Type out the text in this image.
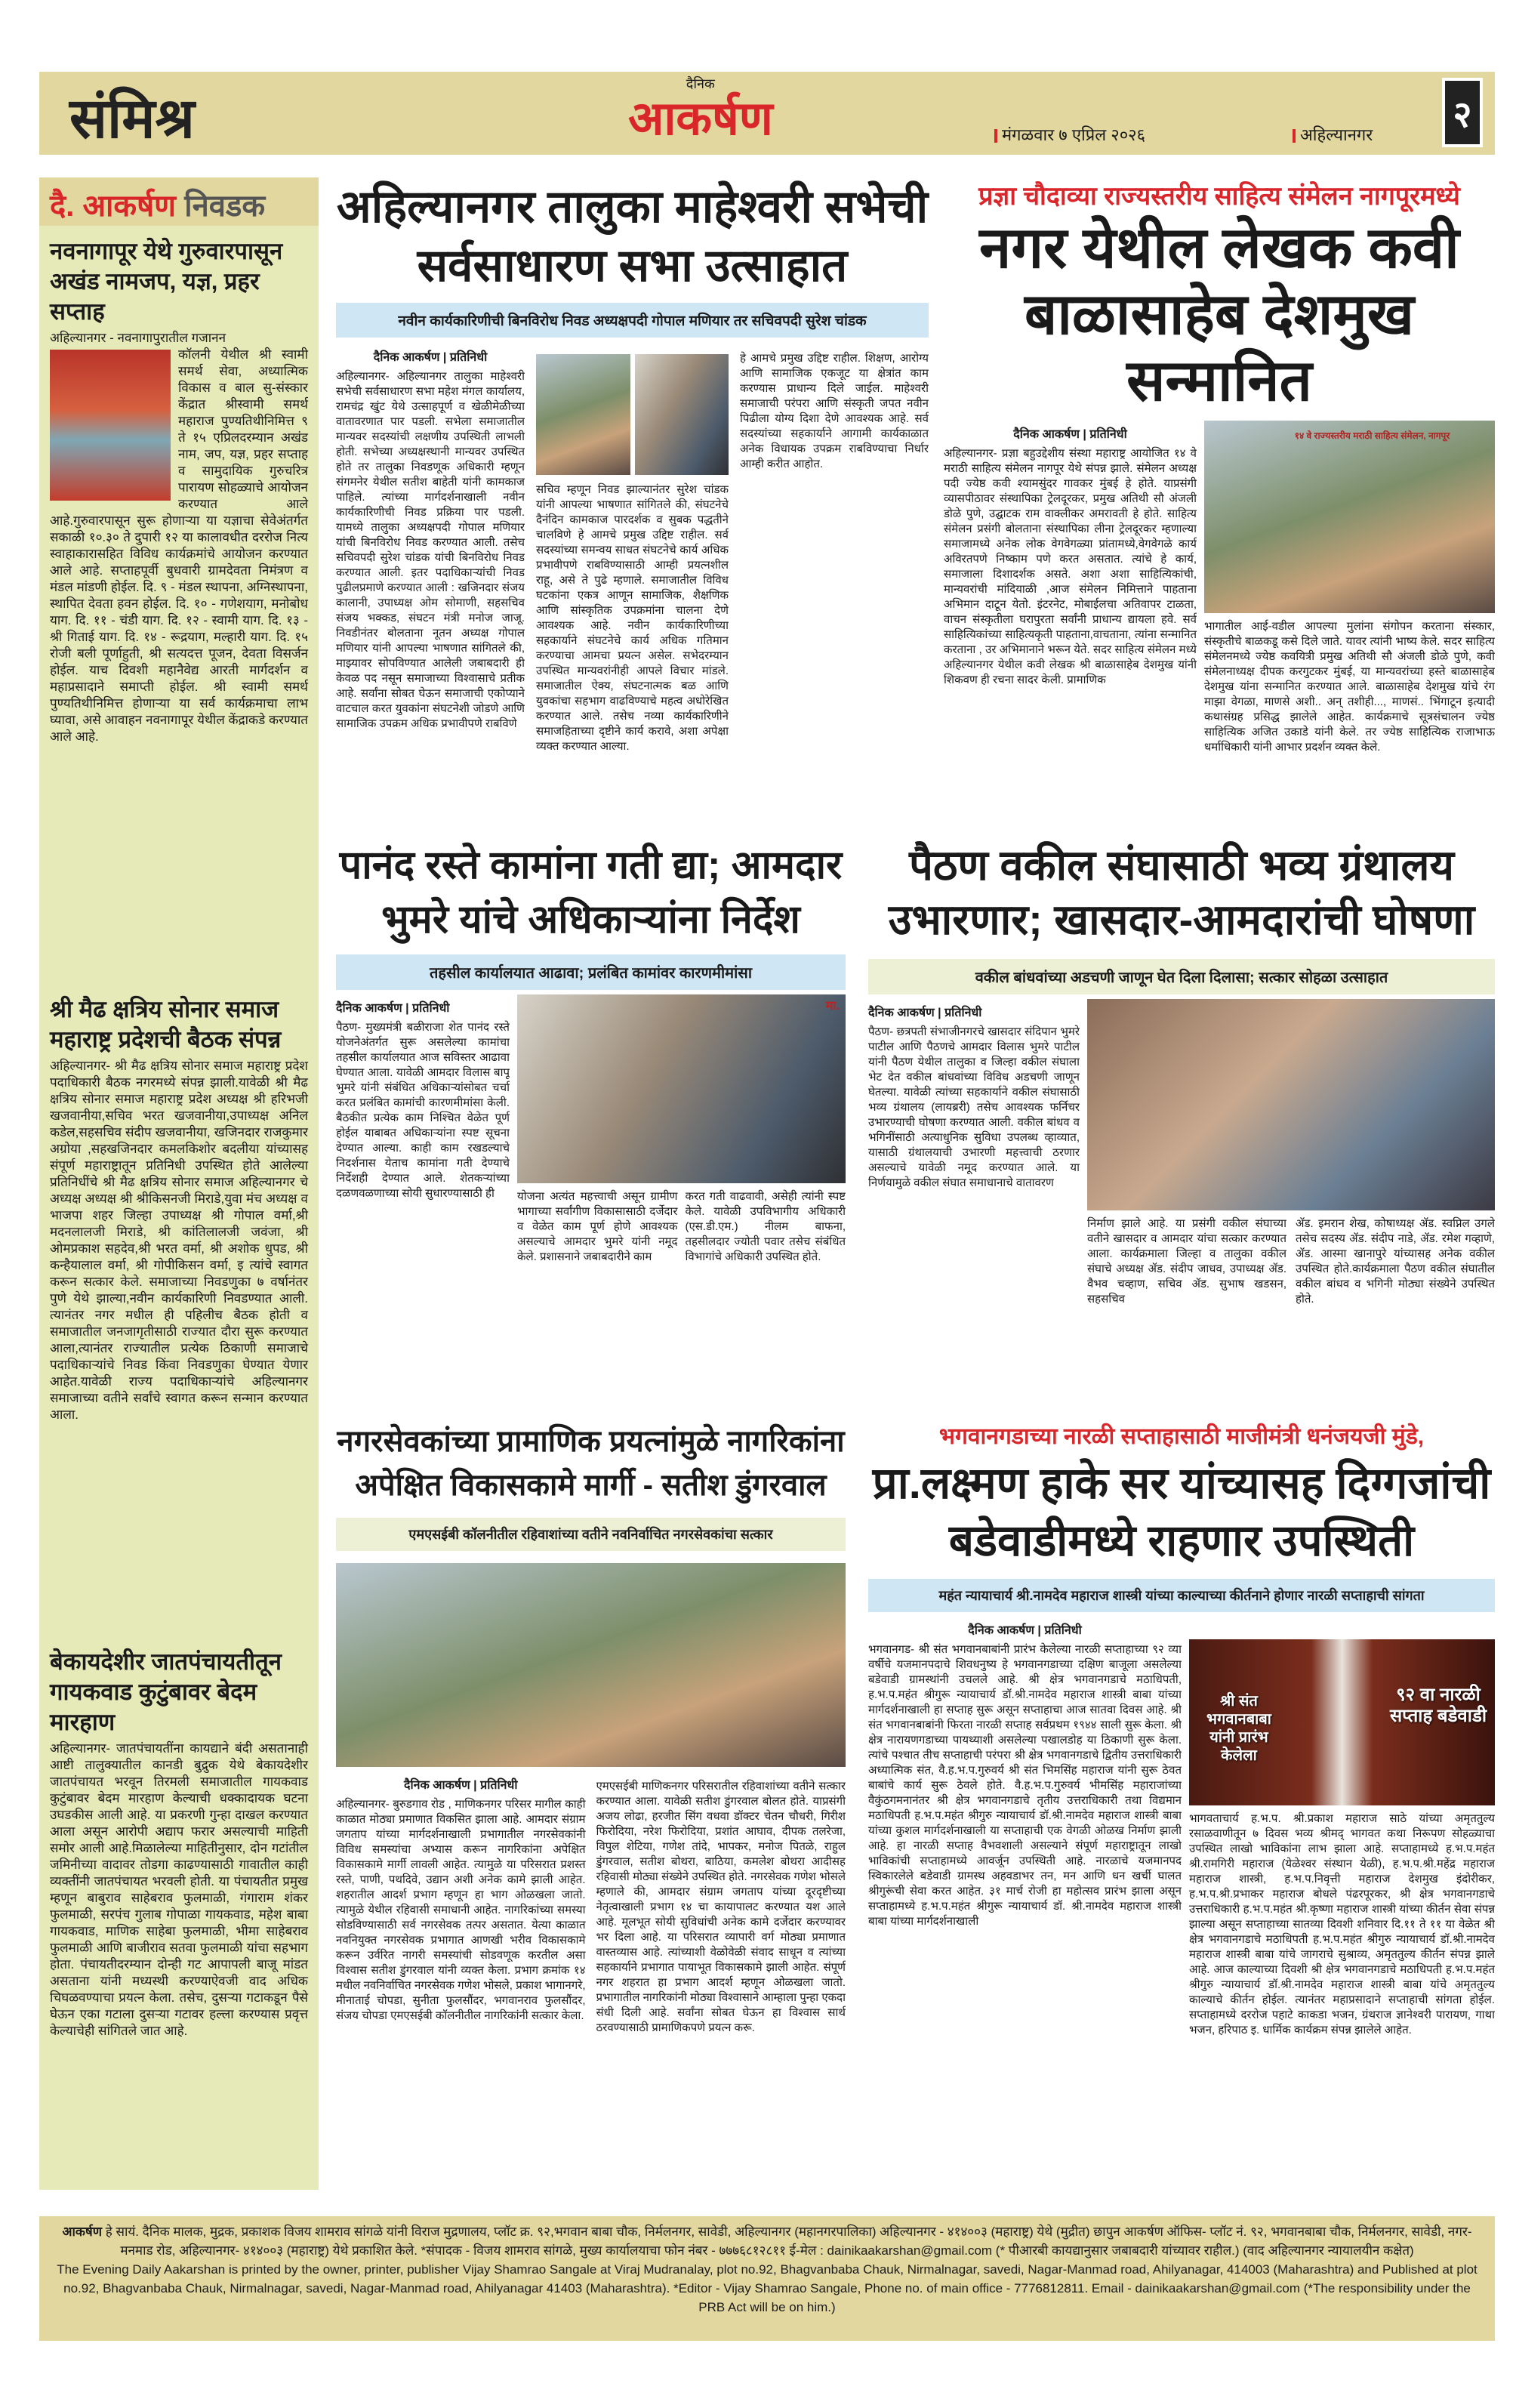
संमिश्र
दैनिक
आकर्षण	मंगळवार ७ एप्रिल २०२६	अहिल्यानगर	२
दै. आकर्षण निवडक
नवनागापूर येथे गुरुवारपासून अखंड नामजप, यज्ञ, प्रहर सप्ताह
अहिल्यानगर - नवनागापुरातील गजानन
कॉलनी येथील श्री स्वामी समर्थ सेवा, अध्यात्मिक विकास व बाल सु-संस्कार केंद्रात श्रीस्वामी समर्थ महाराज पुण्यतिथीनिमित्त ९ ते १५ एप्रिलदरम्यान अखंड नाम, जप, यज्ञ, प्रहर सप्ताह व सामुदायिक गुरुचरित्र पारायण सोहळ्याचे आयोजन करण्यात आले आहे.गुरुवारपासून सुरू होणाऱ्या या यज्ञाचा सेवेअंतर्गत सकाळी १०.३० ते दुपारी १२ या कालावधीत दररोज नित्य स्वाहाकारासहित विविध कार्यक्रमांचे आयोजन करण्यात आले आहे. सप्ताहपूर्वी बुधवारी ग्रामदेवता निमंत्रण व मंडल मांडणी होईल. दि. ९ - मंडल स्थापना, अग्निस्थापना, स्थापित देवता हवन होईल. दि. १० - गणेशयाग, मनोबोध याग. दि. ११ - चंडी याग. दि. १२ - स्वामी याग. दि. १३ - श्री गिताई याग. दि. १४ - रूद्रयाग, मल्हारी याग. दि. १५ रोजी बली पूर्णाहुती, श्री सत्यदत्त पूजन, देवता विसर्जन होईल. याच दिवशी महानैवेद्य आरती मार्गदर्शन व महाप्रसादाने समाप्ती होईल. श्री स्वामी समर्थ पुण्यतिथीनिमित्त होणार्‍या या सर्व कार्यक्रमाचा लाभ घ्यावा, असे आवाहन नवनागापूर येथील केंद्राकडे करण्यात आले आहे.
श्री मैढ क्षत्रिय सोनार समाज महाराष्ट्र प्रदेशची बैठक संपन्न
अहिल्यानगर- श्री मैढ क्षत्रिय सोनार समाज महाराष्ट्र प्रदेश पदाधिकारी बैठक नगरमध्ये संपन्न झाली.यावेळी श्री मैढ क्षत्रिय सोनार समाज महाराष्ट्र प्रदेश अध्यक्ष श्री हरिभजी खजवानीया,सचिव भरत खजवानीया,उपाध्यक्ष अनिल कडेल,सहसचिव संदीप खजवानीया, खजिनदार राजकुमार अग्रोया ,सहखजिनदार कमलकिशोर बदलीया यांच्यासह संपूर्ण महाराष्ट्रातून प्रतिनिधी उपस्थित होते आलेल्या प्रतिनिधींचे श्री मैढ क्षत्रिय सोनार समाज अहिल्यानगर चे अध्यक्ष अध्यक्ष श्री श्रीकिसनजी मिराडे,युवा मंच अध्यक्ष व भाजपा शहर जिल्हा उपाध्यक्ष श्री गोपाल वर्मा,श्री मदनलालजी मिराडे, श्री कांतिलालजी जवंजा, श्री ओमप्रकाश सहदेव,श्री भरत वर्मा, श्री अशोक धुपड, श्री कन्हैयालाल वर्मा, श्री गोपीकिसन वर्मा, इ त्यांचे स्वागत करून सत्कार केले. समाजाच्या निवडणुका ७ वर्षानंतर पुणे येथे झाल्या,नवीन कार्यकारिणी निवडण्यात आली. त्यानंतर नगर मधील ही पहिलीच बैठक होती व समाजातील जनजागृतीसाठी राज्यात दौरा सुरू करण्यात आला,त्यानंतर राज्यातील प्रत्येक ठिकाणी समाजाचे पदाधिकाऱ्यांचे निवड किंवा निवडणुका घेण्यात येणार आहेत.यावेळी राज्य पदाधिकाऱ्यांचे अहिल्यानगर समाजाच्या वतीने सर्वांचे स्वागत करून सन्मान करण्यात आला.
बेकायदेशीर जातपंचायतीतून गायकवाड कुटुंबावर बेदम मारहाण
अहिल्यानगर- जातपंचायतींना कायद्याने बंदी असतानाही आष्टी तालुक्यातील कानडी बुद्रुक येथे बेकायदेशीर जातपंचायत भरवून तिरमली समाजातील गायकवाड कुटुंबावर बेदम मारहाण केल्याची धक्कादायक घटना उघडकीस आली आहे. या प्रकरणी गुन्हा दाखल करण्यात आला असून आरोपी अद्याप फरार असल्याची माहिती समोर आली आहे.मिळालेल्या माहितीनुसार, दोन गटांतील जमिनीच्या वादावर तोडगा काढण्यासाठी गावातील काही व्यक्तींनी जातपंचायत भरवली होती. या पंचायतीत प्रमुख म्हणून बाबुराव साहेबराव फुलमाळी, गंगाराम शंकर फुलमाळी, सरपंच गुलाब गोपाळा गायकवाड, महेश बाबा गायकवाड, माणिक साहेबा फुलमाळी, भीमा साहेबराव फुलमाळी आणि बाजीराव सतवा फुलमाळी यांचा सहभाग होता. पंचायतीदरम्यान दोन्ही गट आपापली बाजू मांडत असताना यांनी मध्यस्थी करण्याऐवजी वाद अधिक चिघळवण्याचा प्रयत्न केला. तसेच, दुसऱ्या गटाकडून पैसे घेऊन एका गटाला दुसऱ्या गटावर हल्ला करण्यास प्रवृत्त केल्याचेही सांगितले जात आहे.
अहिल्यानगर तालुका माहेश्वरी सभेची सर्वसाधारण सभा उत्साहात
नवीन कार्यकारिणीची बिनविरोध निवड अध्यक्षपदी गोपाल मणियार तर सचिवपदी सुरेश चांडक
दैनिक आकर्षण | प्रतिनिधी
अहिल्यानगर- अहिल्यानगर तालुका माहेश्वरी सभेची सर्वसाधारण सभा महेश मंगल कार्यालय, रामचंद्र खुंट येथे उत्साहपूर्ण व खेळीमेळीच्या वातावरणात पार पडली. सभेला समाजातील मान्यवर सदस्यांची लक्षणीय उपस्थिती लाभली होती. सभेच्या अध्यक्षस्थानी मान्यवर उपस्थित होते तर तालुका निवडणूक अधिकारी म्हणून संगमनेर येथील सतीश बाहेती यांनी कामकाज पाहिले. त्यांच्या मार्गदर्शनाखाली नवीन कार्यकारिणीची निवड प्रक्रिया पार पडली. यामध्ये तालुका अध्यक्षपदी गोपाल मणियार यांची बिनविरोध निवड करण्यात आली. तसेच सचिवपदी सुरेश चांडक यांची बिनविरोध निवड करण्यात आली. इतर पदाधिकाऱ्यांची निवड पुढीलप्रमाणे करण्यात आली : खजिनदार संजय कालानी, उपाध्यक्ष ओम सोमाणी, सहसचिव संजय भक्कड, संघटन मंत्री मनोज जाजू. निवडीनंतर बोलताना नूतन अध्यक्ष गोपाल मणियार यांनी आपल्या भाषणात सांगितले की, माझ्यावर सोपविण्यात आलेली जबाबदारी ही केवळ पद नसून समाजाच्या विश्वासाचे प्रतीक आहे. सर्वांना सोबत घेऊन समाजाची एकोप्याने वाटचाल करत युवकांना संघटनेशी जोडणे आणि सामाजिक उपक्रम अधिक प्रभावीपणे राबविणे
सचिव म्हणून निवड झाल्यानंतर सुरेश चांडक यांनी आपल्या भाषणात सांगितले की, संघटनेचे दैनंदिन कामकाज पारदर्शक व सुबक पद्धतीने चालविणे हे आमचे प्रमुख उद्दिष्ट राहील. सर्व सदस्यांच्या समन्वय साधत संघटनेचे कार्य अधिक प्रभावीपणे राबविण्यासाठी आम्ही प्रयत्नशील राहू, असे ते पुढे म्हणाले. समाजातील विविध घटकांना एकत्र आणून सामाजिक, शैक्षणिक आणि सांस्कृतिक उपक्रमांना चालना देणे आवश्यक आहे. नवीन कार्यकारिणीच्या सहकार्याने संघटनेचे कार्य अधिक गतिमान करण्याचा आमचा प्रयत्न असेल. सभेदरम्यान उपस्थित मान्यवरांनीही आपले विचार मांडले. समाजातील ऐक्य, संघटनात्मक बळ आणि युवकांचा सहभाग वाढविण्याचे महत्व अधोरेखित करण्यात आले. तसेच नव्या कार्यकारिणीने समाजहिताच्या दृष्टीने कार्य करावे, अशा अपेक्षा व्यक्त करण्यात आल्या.
हे आमचे प्रमुख उद्दिष्ट राहील. शिक्षण, आरोग्य आणि सामाजिक एकजूट या क्षेत्रांत काम करण्यास प्राधान्य दिले जाईल. माहेश्वरी समाजाची परंपरा आणि संस्कृती जपत नवीन पिढीला योग्य दिशा देणे आवश्यक आहे. सर्व सदस्यांच्या सहकार्याने आगामी कार्यकाळात अनेक विधायक उपक्रम राबविण्याचा निर्धार आम्ही करीत आहोत.
प्रज्ञा चौदाव्या राज्यस्तरीय साहित्य संमेलन नागपूरमध्ये
नगर येथील लेखक कवी बाळासाहेब देशमुख सन्मानित
दैनिक आकर्षण | प्रतिनिधी
अहिल्यानगर- प्रज्ञा बहुउद्देशीय संस्था महाराष्ट्र आयोजित १४ वे मराठी साहित्य संमेलन नागपूर येथे संपन्न झाले. संमेलन अध्यक्ष पदी ज्येष्ठ कवी श्यामसुंदर गावकर मुंबई हे होते. याप्रसंगी व्यासपीठावर संस्थापिका ट्रेलदूरकर, प्रमुख अतिथी सौ अंजली डोळे पुणे, उद्घाटक राम वाक्लीकर अमरावती हे होते. साहित्य संमेलन प्रसंगी बोलताना संस्थापिका लीना ट्रेलदूरकर म्हणाल्या समाजामध्ये अनेक लोक वेगवेगळ्या प्रांतामध्ये,वेगवेगळे कार्य अविरतपणे निष्काम पणे करत असतात. त्यांचे हे कार्य, समाजाला दिशादर्शक असते. अशा अशा साहित्यिकांची, मान्यवरांची मांदियाळी ,आज संमेलन निमित्ताने पाहताना अभिमान दाटून येतो. इंटरनेट, मोबाईलचा अतिवापर टाळता, वाचन संस्कृतीला घरापुरता सर्वांनी प्राधान्य द्यायला हवे. सर्व साहित्यिकांच्या साहित्यकृती पाहताना,वाचताना, त्यांना सन्मानित करताना , उर अभिमानाने भरून येते. सदर साहित्य संमेलन मध्ये अहिल्यानगर येथील कवी लेखक श्री बाळासाहेब देशमुख यांनी शिकवण ही रचना सादर केली. प्रामाणिक
१४ वे राज्यस्तरीय मराठी साहित्य संमेलन, नागपूर
भागातील आई-वडील आपल्या मुलांना संगोपन करताना संस्कार, संस्कृतीचे बाळकडू कसे दिले जाते. यावर त्यांनी भाष्य केले. सदर साहित्य संमेलनमध्ये ज्येष्ठ कवयित्री प्रमुख अतिथी सौ अंजली डोळे पुणे, कवी संमेलनाध्यक्ष दीपक करगुटकर मुंबई, या मान्यवरांच्या हस्ते बाळासाहेब देशमुख यांना सन्मानित करण्यात आले. बाळासाहेब देशमुख यांचे रंग माझा वेगळा, माणसे अशी.. अन् तशीही..., माणसं.. भिंगाटून इत्यादी कथासंग्रह प्रसिद्ध झालेले आहेत. कार्यक्रमाचे सूत्रसंचालन ज्येष्ठ साहित्यिक अजित उकाडे यांनी केले. तर ज्येष्ठ साहित्यिक राजाभाऊ धर्माधिकारी यांनी आभार प्रदर्शन व्यक्त केले.
पानंद रस्ते कामांना गती द्या; आमदार भुमरे यांचे अधिकाऱ्यांना निर्देश
तहसील कार्यालयात आढावा; प्रलंबित कामांवर कारणमीमांसा
दैनिक आकर्षण | प्रतिनिधी
पैठण- मुख्यमंत्री बळीराजा शेत पानंद रस्ते योजनेअंतर्गत सुरू असलेल्या कामांचा तहसील कार्यालयात आज सविस्तर आढावा घेण्यात आला. यावेळी आमदार विलास बापू भुमरे यांनी संबंधित अधिकाऱ्यांसोबत चर्चा करत प्रलंबित कामांची कारणमीमांसा केली. बैठकीत प्रत्येक काम निश्चित वेळेत पूर्ण होईल याबाबत अधिकाऱ्यांना स्पष्ट सूचना देण्यात आल्या. काही काम रखडल्याचे निदर्शनास येताच कामांना गती देण्याचे निर्देशही देण्यात आले. शेतकऱ्यांच्या दळणवळणाच्या सोयी सुधारण्यासाठी ही
मा.
योजना अत्यंत महत्त्वाची असून ग्रामीण भागाच्या सर्वांगीण विकासासाठी दर्जेदार व वेळेत काम पूर्ण होणे आवश्यक असल्याचे आमदार भुमरे यांनी नमूद केले. प्रशासनाने जबाबदारीने काम
करत गती वाढवावी, असेही त्यांनी स्पष्ट केले. यावेळी उपविभागीय अधिकारी (एस.डी.एम.) नीलम बाफना, तहसीलदार ज्योती पवार तसेच संबंधित विभागांचे अधिकारी उपस्थित होते.
पैठण वकील संघासाठी भव्य ग्रंथालय उभारणार; खासदार-आमदारांची घोषणा
वकील बांधवांच्या अडचणी जाणून घेत दिला दिलासा; सत्कार सोहळा उत्साहात
दैनिक आकर्षण | प्रतिनिधी
पैठण- छत्रपती संभाजीनगरचे खासदार संदिपान भुमरे पाटील आणि पैठणचे आमदार विलास भुमरे पाटील यांनी पैठण येथील तालुका व जिल्हा वकील संघाला भेट देत वकील बांधवांच्या विविध अडचणी जाणून घेतल्या. यावेळी त्यांच्या सहकार्याने वकील संघासाठी भव्य ग्रंथालय (लायब्ररी) तसेच आवश्यक फर्निचर उभारण्याची घोषणा करण्यात आली. वकील बांधव व भगिनींसाठी अत्याधुनिक सुविधा उपलब्ध व्हाव्यात, यासाठी ग्रंथालयाची उभारणी महत्त्वाची ठरणार असल्याचे यावेळी नमूद करण्यात आले. या निर्णयामुळे वकील संघात समाधानाचे वातावरण
निर्माण झाले आहे. या प्रसंगी वकील संघाच्या वतीने खासदार व आमदार यांचा सत्कार करण्यात आला. कार्यक्रमाला जिल्हा व तालुका वकील संघाचे अध्यक्ष ॲड. संदीप जाधव, उपाध्यक्ष ॲड. वैभव चव्हाण, सचिव ॲड. सुभाष खडसन, सहसचिव
ॲड. इमरान शेख, कोषाध्यक्ष ॲड. स्वप्निल उगले तसेच सदस्य ॲड. संदीप नाडे, ॲड. रमेश गव्हाणे, ॲड. आस्मा खानापुरे यांच्यासह अनेक वकील उपस्थित होते.कार्यक्रमाला पैठण वकील संघातील वकील बांधव व भगिनी मोठ्या संख्येने उपस्थित होते.
नगरसेवकांच्या प्रामाणिक प्रयत्नांमुळे नागरिकांना अपेक्षित विकासकामे मार्गी - सतीश डुंगरवाल
एमएसईबी कॉलनीतील रहिवाशांच्या वतीने नवनिर्वाचित नगरसेवकांचा सत्कार
दैनिक आकर्षण | प्रतिनिधी
अहिल्यानगर- बुरुडगाव रोड , माणिकनगर परिसर मागील काही काळात मोठ्या प्रमाणात विकसित झाला आहे. आमदार संग्राम जगताप यांच्या मार्गदर्शनाखाली प्रभागातील नगरसेवकांनी विविध समस्यांचा अभ्यास करून नागरिकांना अपेक्षित विकासकामे मार्गी लावली आहेत. त्यामुळे या परिसरात प्रशस्त रस्ते, पाणी, पथदिवे, उद्यान अशी अनेक कामे झाली आहेत. शहरातील आदर्श प्रभाग म्हणून हा भाग ओळखला जातो. त्यामुळे येथील रहिवासी समाधानी आहेत. नागरिकांच्या समस्या सोडविण्यासाठी सर्व नगरसेवक तत्पर असतात. येत्या काळात नवनियुक्त नगरसेवक प्रभागात आणखी भरीव विकासकामे करून उर्वरित नागरी समस्यांची सोडवणूक करतील असा विश्वास सतीश डुंगरवाल यांनी व्यक्त केला. प्रभाग क्रमांक १४ मधील नवनिर्वाचित नगरसेवक गणेश भोसले, प्रकाश भागानगरे, मीनाताई चोपडा, सुनीता फुलसौंदर, भगवानराव फुलसौंदर, संजय चोपडा एमएसईबी कॉलनीतील नागरिकांनी सत्कार केला.
एमएसईबी माणिकनगर परिसरातील रहिवाशांच्या वतीने सत्कार करण्यात आला. यावेळी सतीश डुंगरवाल बोलत होते. याप्रसंगी अजय लोढा, हरजीत सिंग वधवा डॉक्टर चेतन चौधरी, गिरीश फिरोदिया, नरेश फिरोदिया, प्रशांत आघाव, दीपक तलरेजा, विपुल शेटिया, गणेश तांदे, भापकर, मनोज पितळे, राहुल डुंगरवाल, सतीश बोथरा, बाठिया, कमलेश बोथरा आदीसह रहिवासी मोठ्या संख्येने उपस्थित होते. नगरसेवक गणेश भोसले म्हणाले की, आमदार संग्राम जगताप यांच्या दूरदृष्टीच्या नेतृत्वाखाली प्रभाग १४ चा कायापालट करण्यात यश आले आहे. मूलभूत सोयी सुविधांची अनेक कामे दर्जेदार करण्यावर भर दिला आहे. या परिसरात व्यापारी वर्ग मोठ्या प्रमाणात वास्तव्यास आहे. त्यांच्याशी वेळोवेळी संवाद साधून व त्यांच्या सहकार्याने प्रभागात पायाभूत विकासकामे झाली आहेत. संपूर्ण नगर शहरात हा प्रभाग आदर्श म्हणून ओळखला जातो. प्रभागातील नागरिकांनी मोठ्या विश्वासाने आम्हाला पुन्हा एकदा संधी दिली आहे. सर्वांना सोबत घेऊन हा विश्वास सार्थ ठरवण्यासाठी प्रामाणिकपणे प्रयत्न करू.
भगवानगडाच्या नारळी सप्ताहासाठी माजीमंत्री धनंजयजी मुंडे,
प्रा.लक्ष्मण हाके सर यांच्यासह दिग्गजांची बडेवाडीमध्ये राहणार उपस्थिती
महंत न्यायाचार्य श्री.नामदेव महाराज शास्त्री यांच्या काल्याच्या कीर्तनाने होणार नारळी सप्ताहाची सांगता
दैनिक आकर्षण | प्रतिनिधी
भगवानगड- श्री संत भगवानबाबांनी प्रारंभ केलेल्या नारळी सप्ताहाच्या ९२ व्या वर्षीचे यजमानपदाचे शिवधनुष्य हे भगवानगडाच्या दक्षिण बाजूला असलेल्या बडेवाडी ग्रामस्थांनी उचलले आहे. श्री क्षेत्र भगवानगडाचे मठाधिपती, ह.भ.प.महंत श्रीगुरू न्यायाचार्य डॉ.श्री.नामदेव महाराज शास्त्री बाबा यांच्या मार्गदर्शनाखाली हा सप्ताह सुरू असून सप्ताहाचा आज सातवा दिवस आहे. श्री संत भगवानबाबांनी फिरता नारळी सप्ताह सर्वप्रथम १९४४ साली सुरू केला. श्री क्षेत्र नारायणगडाच्या पायथ्याशी असलेल्या पखालडोह या ठिकाणी सुरू केला. त्यांचे पश्चात तीच सप्ताहाची परंपरा श्री क्षेत्र भगवानगडाचे द्वितीय उत्तराधिकारी अध्यात्मिक संत, वै.ह.भ.प.गुरुवर्य श्री संत भिमसिंह महाराज यांनी सुरू ठेवत बाबांचे कार्य सुरू ठेवले होते. वै.ह.भ.प.गुरुवर्य भीमसिंह महाराजांच्या वैकुंठगमनानंतर श्री क्षेत्र भगवानगडाचे तृतीय उत्तराधिकारी तथा विद्यमान मठाधिपती ह.भ.प.महंत श्रीगुरु न्यायाचार्य डॉ.श्री.नामदेव महाराज शास्त्री बाबा यांच्या कुशल मार्गदर्शनाखाली या सप्ताहाची एक वेगळी ओळख निर्माण झाली आहे. हा नारळी सप्ताह वैभवशाली असल्याने संपूर्ण महाराष्ट्रातून लाखो भाविकांची सप्ताहामध्ये आवर्जून उपस्थिती आहे. नारळाचे यजमानपद स्विकारलेले बडेवाडी ग्रामस्थ अहवडाभर तन, मन आणि धन खर्ची घालत श्रीगुरूंची सेवा करत आहेत. ३१ मार्च रोजी हा महोत्सव प्रारंभ झाला असून सप्ताहामध्ये ह.भ.प.महंत श्रीगुरू न्यायाचार्य डॉ. श्री.नामदेव महाराज शास्त्री बाबा यांच्या मार्गदर्शनाखाली
श्री संत भगवानबाबा यांनी प्रारंभ केलेला
९२ वा नारळी सप्ताह बडेवाडी
भागवताचार्य ह.भ.प. श्री.प्रकाश महाराज साठे यांच्या अमृततुल्य रसाळवाणीतून ७ दिवस भव्य श्रीमद् भागवत कथा निरूपण सोहळ्याचा उपस्थित लाखो भाविकांना लाभ झाला आहे. सप्ताहामध्ये ह.भ.प.महंत श्री.रामगिरी महाराज (येळेश्वर संस्थान येळी), ह.भ.प.श्री.महेंद्र महाराज महाराज शास्त्री, ह.भ.प.निवृत्ती महाराज देशमुख इंदोरीकर, ह.भ.प.श्री.प्रभाकर महाराज बोधले पंढरपूरकर, श्री क्षेत्र भगवानगडाचे उत्तराधिकारी ह.भ.प.महंत श्री.कृष्णा महाराज शास्त्री यांच्या कीर्तन सेवा संपन्न झाल्या असून सप्ताहाच्या सातव्या दिवशी शनिवार दि.११ ते ११ या वेळेत श्री क्षेत्र भगवानगडाचे मठाधिपती ह.भ.प.महंत श्रीगुरु न्यायाचार्य डॉ.श्री.नामदेव महाराज शास्त्री बाबा यांचे जागराचे सुश्राव्य, अमृततुल्य कीर्तन संपन्न झाले आहे. आज काल्याच्या दिवशी श्री क्षेत्र भगवानगडाचे मठाधिपती ह.भ.प.महंत श्रीगुरु न्यायाचार्य डॉ.श्री.नामदेव महाराज शास्त्री बाबा यांचे अमृततुल्य काल्याचे कीर्तन होईल. त्यानंतर महाप्रसादाने सप्ताहाची सांगता होईल. सप्ताहामध्ये दररोज पहाटे काकडा भजन, ग्रंथराज ज्ञानेश्वरी पारायण, गाथा भजन, हरिपाठ इ. धार्मिक कार्यक्रम संपन्न झालेले आहेत.
आकर्षण हे सायं. दैनिक मालक, मुद्रक, प्रकाशक विजय शामराव सांगळे यांनी विराज मुद्रणालय, प्लॉट क्र. ९२,भगवान बाबा चौक, निर्मलनगर, सावेडी, अहिल्यानगर (महानगरपालिका) अहिल्यानगर - ४१४००३ (महाराष्ट्र) येथे (मुद्रीत) छापुन आकर्षण ऑफिस- प्लॉट नं. ९२, भगवानबाबा चौक, निर्मलनगर, सावेडी, नगर-मनमाड रोड, अहिल्यानगर- ४१४००३ (महाराष्ट्र) येथे प्रकाशित केले. *संपादक - विजय शामराव सांगळे, मुख्य कार्यालयाचा फोन नंबर - ७७७६८१२८११ ई-मेल : dainikaakarshan@gmail.com (* पीआरबी कायद्यानुसार जबाबदारी यांच्यावर राहील.) (वाद अहिल्यानगर न्यायालयीन कक्षेत)
The Evening Daily Aakarshan is printed by the owner, printer, publisher Vijay Shamrao Sangale at Viraj Mudranalay, plot no.92, Bhagvanbaba Chauk, Nirmalnagar, savedi, Nagar-Manmad road, Ahilyanagar, 414003 (Maharashtra) and Published at plot no.92, Bhagvanbaba Chauk, Nirmalnagar, savedi, Nagar-Manmad road, Ahilyanagar 41403 (Maharashtra). *Editor - Vijay Shamrao Sangale, Phone no. of main office - 7776812811. Email - dainikaakarshan@gmail.com (*The responsibility under the PRB Act will be on him.)
